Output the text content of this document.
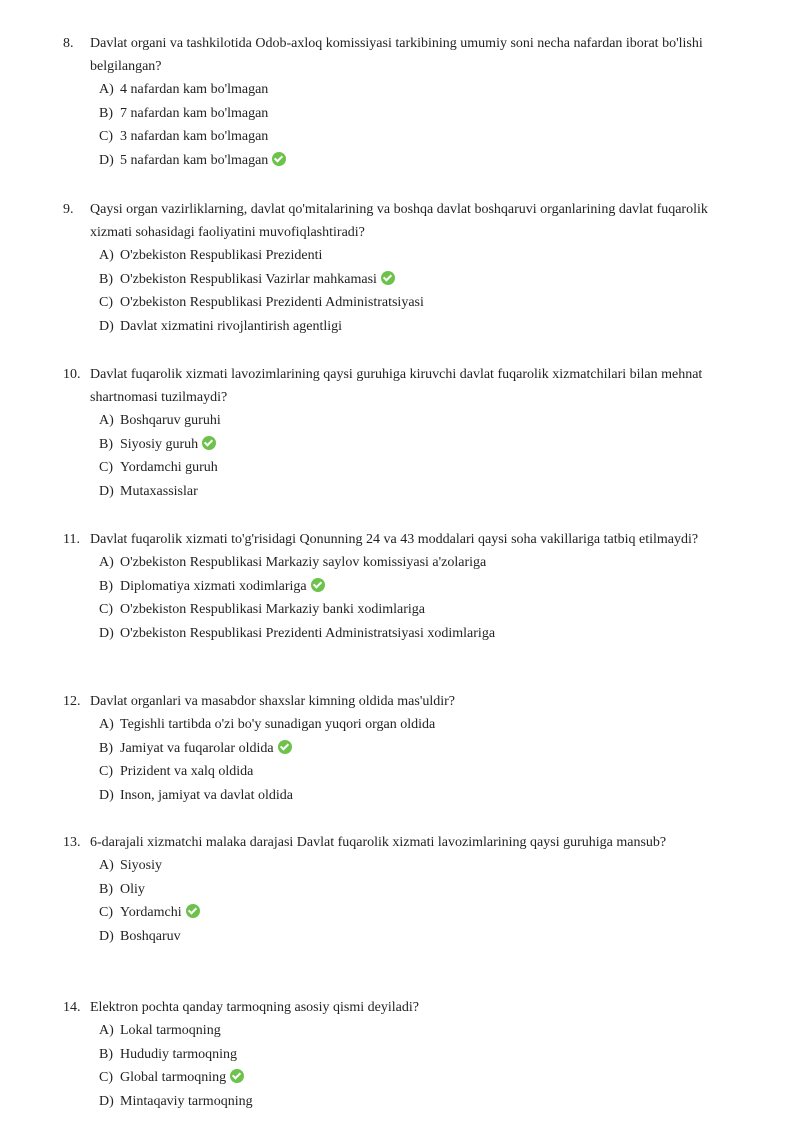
8. Davlat organi va tashkilotida Odob-axloq komissiyasi tarkibining umumiy soni necha nafardan iborat bo'lishi belgilangan?
A) 4 nafardan kam bo'lmagan
B) 7 nafardan kam bo'lmagan
C) 3 nafardan kam bo'lmagan
D) 5 nafardan kam bo'lmagan
9. Qaysi organ vazirliklarning, davlat qo'mitalarining va boshqa davlat boshqaruvi organlarining davlat fuqarolik xizmati sohasidagi faoliyatini muvofiqlashtiradi?
A) O'zbekiston Respublikasi Prezidenti
B) O'zbekiston Respublikasi Vazirlar mahkamasi
C) O'zbekiston Respublikasi Prezidenti Administratsiyasi
D) Davlat xizmatini rivojlantirish agentligi
10. Davlat fuqarolik xizmati lavozimlarining qaysi guruhiga kiruvchi davlat fuqarolik xizmatchilari bilan mehnat shartnomasi tuzilmaydi?
A) Boshqaruv guruhi
B) Siyosiy guruh
C) Yordamchi guruh
D) Mutaxassislar
11. Davlat fuqarolik xizmati to'g'risidagi Qonunning 24 va 43 moddalari qaysi soha vakillariga tatbiq etilmaydi?
A) O'zbekiston Respublikasi Markaziy saylov komissiyasi a'zolariga
B) Diplomatiya xizmati xodimlariga
C) O'zbekiston Respublikasi Markaziy banki xodimlariga
D) O'zbekiston Respublikasi Prezidenti Administratsiyasi xodimlariga
12. Davlat organlari va masabdor shaxslar kimning oldida mas'uldir?
A) Tegishli tartibda o'zi bo'y sunadigan yuqori organ oldida
B) Jamiyat va fuqarolar oldida
C) Prizident va xalq oldida
D) Inson, jamiyat va davlat oldida
13. 6-darajali xizmatchi malaka darajasi Davlat fuqarolik xizmati lavozimlarining qaysi guruhiga mansub?
A) Siyosiy
B) Oliy
C) Yordamchi
D) Boshqaruv
14. Elektron pochta qanday tarmoqning asosiy qismi deyiladi?
A) Lokal tarmoqning
B) Hududiy tarmoqning
C) Global tarmoqning
D) Mintaqaviy tarmoqning
